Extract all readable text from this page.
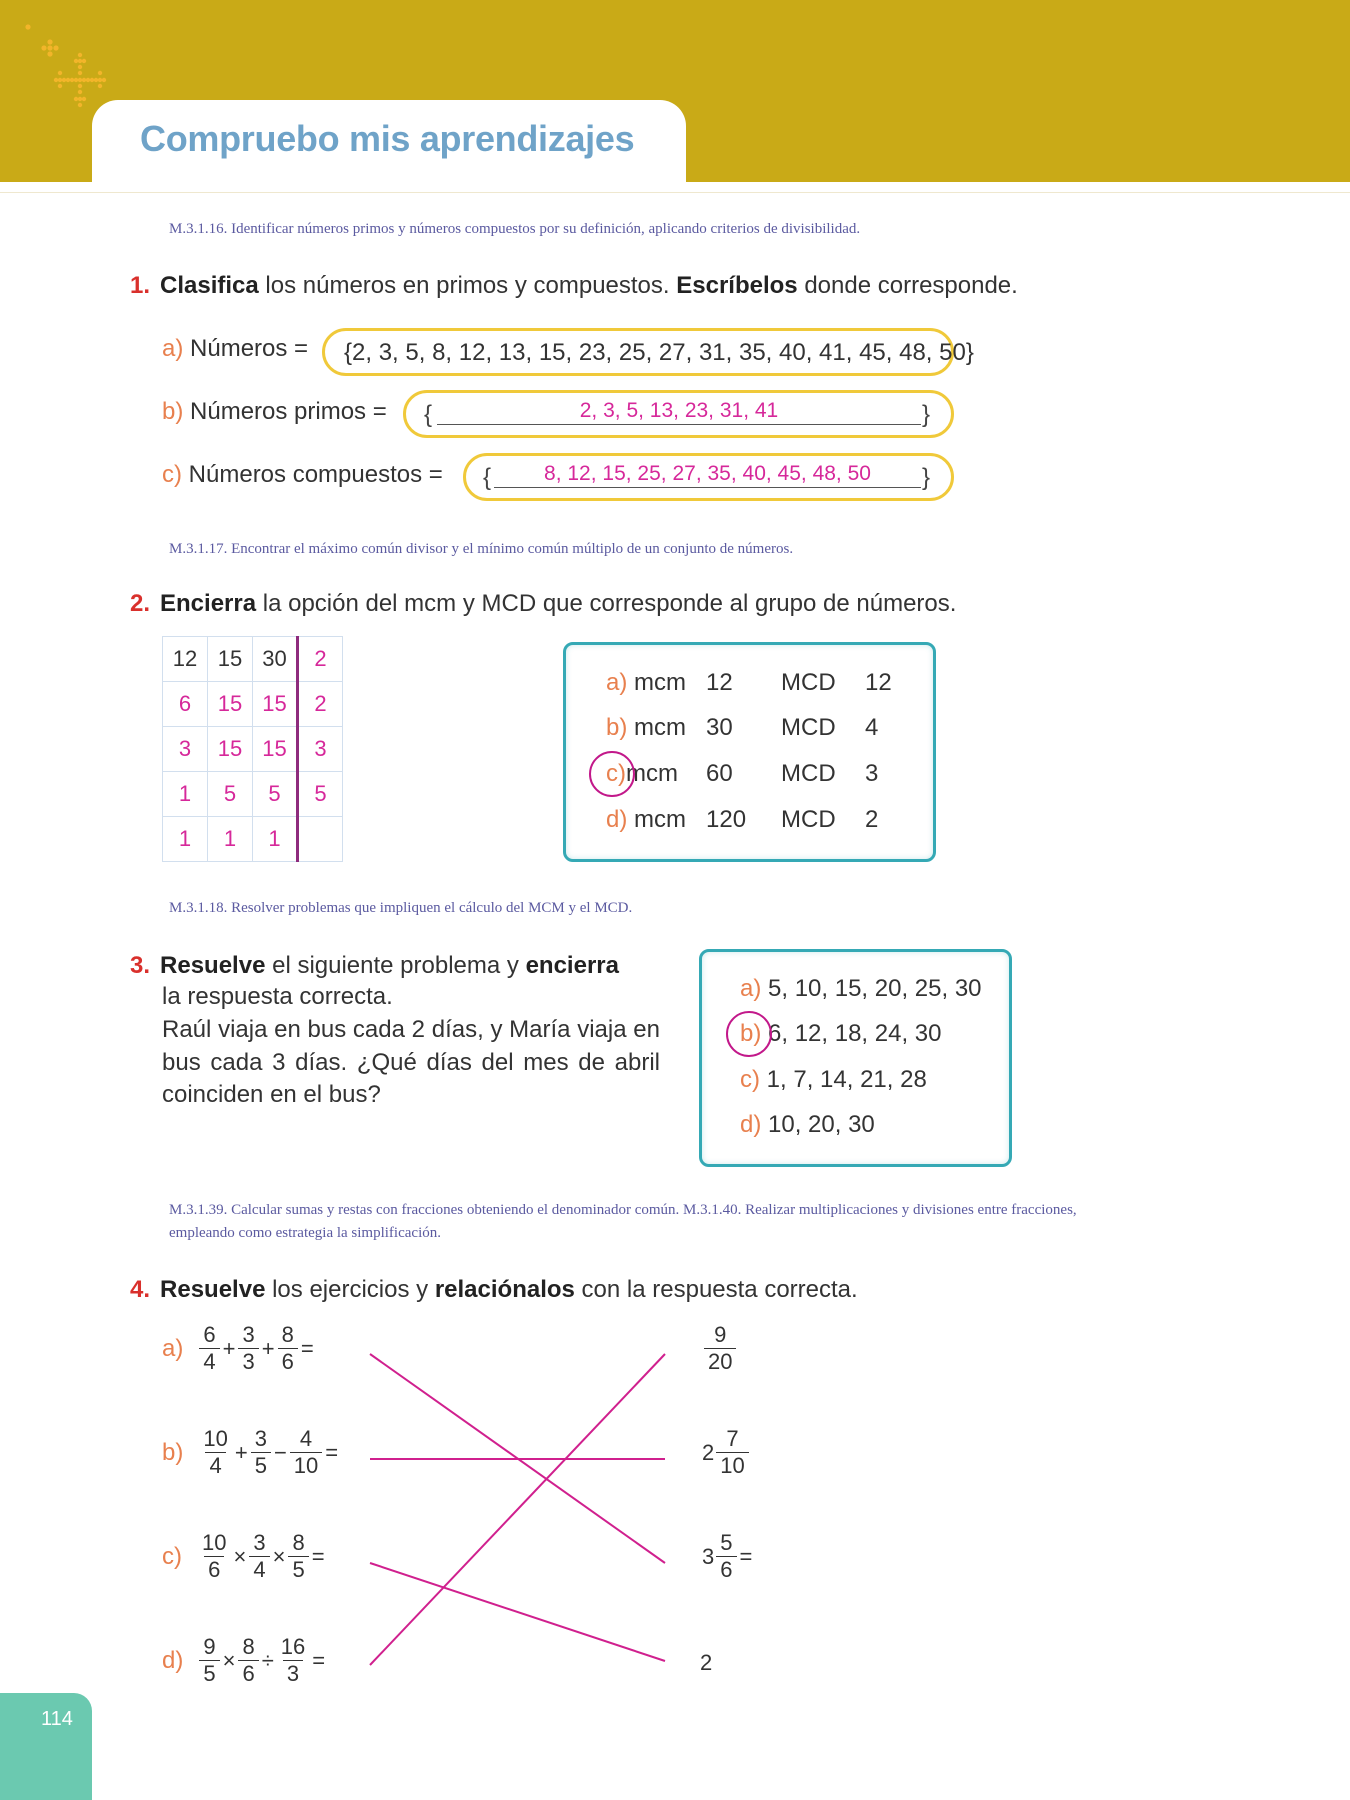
Compruebo mis aprendizajes
M.3.1.16. Identificar números primos y números compuestos por su definición, aplicando criterios de divisibilidad.
1. Clasifica los números en primos y compuestos. Escríbelos donde corresponde.
a) Números = {2, 3, 5, 8, 12, 13, 15, 23, 25, 27, 31, 35, 40, 41, 45, 48, 50}
b) Números primos = {	2, 3, 5, 13, 23, 31, 41	}
c) Números compuestos = {	8, 12, 15, 25, 27, 35, 40, 45, 48, 50	}
M.3.1.17. Encontrar el máximo común divisor y el mínimo común múltiplo de un conjunto de números.
2. Encierra la opción del mcm y MCD que corresponde al grupo de números.
12	15	30	2
6	15	15	2
3	15	15	3
1	5	5	5
1	1	1	
a) mcm 12 MCD 12
b) mcm 30 MCD 4
c)mcm 60 MCD 3
d) mcm 120 MCD 2
M.3.1.18. Resolver problemas que impliquen el cálculo del MCM y el MCD.
3. Resuelve el siguiente problema y encierra
la respuesta correcta.
Raúl viaja en bus cada 2 días, y María viaja en bus cada 3 días. ¿Qué días del mes de abril coinciden en el bus?
a) 5, 10, 15, 20, 25, 30
b) 6, 12, 18, 24, 30
c) 1, 7, 14, 21, 28
d) 10, 20, 30
M.3.1.39. Calcular sumas y restas con fracciones obteniendo el denominador común. M.3.1.40. Realizar multiplicaciones y divisiones entre fracciones,
empleando como estrategia la simplificación.
4. Resuelve los ejercicios y relaciónalos con la respuesta correcta.
a) 6
4
+ $\frac{3}{3} + \frac{8}{6}$ =
b) 10
4
+ $\frac{3}{5} - \frac{4}{10}$ =
$c) \frac{10}{6} \times \frac{3}{4} \times \frac{8}{5}$ =
$d) \frac{9}{5} \times \frac{8}{6} \div \frac{16}{3}$ =
9
20
2
7
10
$3 \frac{5}{6}$ =
2
114
